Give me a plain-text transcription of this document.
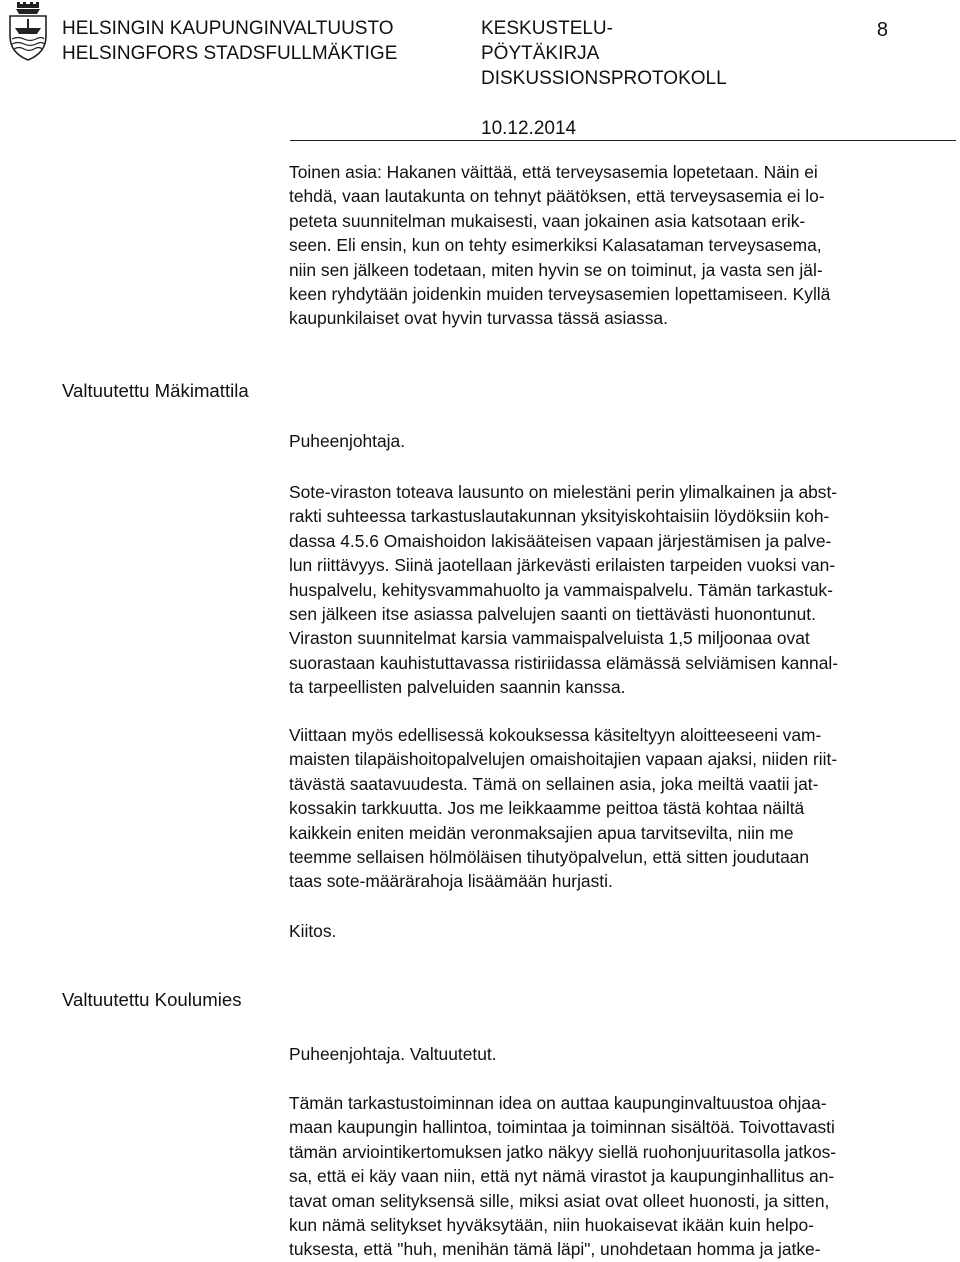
HELSINGIN KAUPUNGINVALTUUSTO
HELSINGFORS STADSFULLMÄKTIGE
KESKUSTELU-
PÖYTÄKIRJA
DISKUSSIONSPROTOKOLL
8
10.12.2014
Toinen asia: Hakanen väittää, että terveysasemia lopetetaan. Näin ei
tehdä, vaan lautakunta on tehnyt päätöksen, että terveysasemia ei lo-
peteta suunnitelman mukaisesti, vaan jokainen asia katsotaan erik-
seen. Eli ensin, kun on tehty esimerkiksi Kalasataman terveysasema,
niin sen jälkeen todetaan, miten hyvin se on toiminut, ja vasta sen jäl-
keen ryhdytään joidenkin muiden terveysasemien lopettamiseen. Kyllä
kaupunkilaiset ovat hyvin turvassa tässä asiassa.
Valtuutettu Mäkimattila
Puheenjohtaja.
Sote-viraston toteava lausunto on mielestäni perin ylimalkainen ja abst-
rakti suhteessa tarkastuslautakunnan yksityiskohtaisiin löydöksiin koh-
dassa 4.5.6 Omaishoidon lakisääteisen vapaan järjestämisen ja palve-
lun riittävyys. Siinä jaotellaan järkevästi erilaisten tarpeiden vuoksi van-
huspalvelu, kehitysvammahuolto ja vammaispalvelu. Tämän tarkastuk-
sen jälkeen itse asiassa palvelujen saanti on tiettävästi huonontunut.
Viraston suunnitelmat karsia vammaispalveluista 1,5 miljoonaa ovat
suorastaan kauhistuttavassa ristiriidassa elämässä selviämisen kannal-
ta tarpeellisten palveluiden saannin kanssa.
Viittaan myös edellisessä kokouksessa käsiteltyyn aloitteeseeni vam-
maisten tilapäishoitopalvelujen omaishoitajien vapaan ajaksi, niiden riit-
tävästä saatavuudesta. Tämä on sellainen asia, joka meiltä vaatii jat-
kossakin tarkkuutta. Jos me leikkaamme peittoa tästä kohtaa näiltä
kaikkein eniten meidän veronmaksajien apua tarvitsevilta, niin me
teemme sellaisen hölmöläisen tihutyöpalvelun, että sitten joudutaan
taas sote-määrärahoja lisäämään hurjasti.
Kiitos.
Valtuutettu Koulumies
Puheenjohtaja. Valtuutetut.
Tämän tarkastustoiminnan idea on auttaa kaupunginvaltuustoa ohjaa-
maan kaupungin hallintoa, toimintaa ja toiminnan sisältöä. Toivottavasti
tämän arviointikertomuksen jatko näkyy siellä ruohonjuuritasolla jatkos-
sa, että ei käy vaan niin, että nyt nämä virastot ja kaupunginhallitus an-
tavat oman selityksensä sille, miksi asiat ovat olleet huonosti, ja sitten,
kun nämä selitykset hyväksytään, niin huokaisevat ikään kuin helpo-
tuksesta, että "huh, menihän tämä läpi", unohdetaan homma ja jatke-
